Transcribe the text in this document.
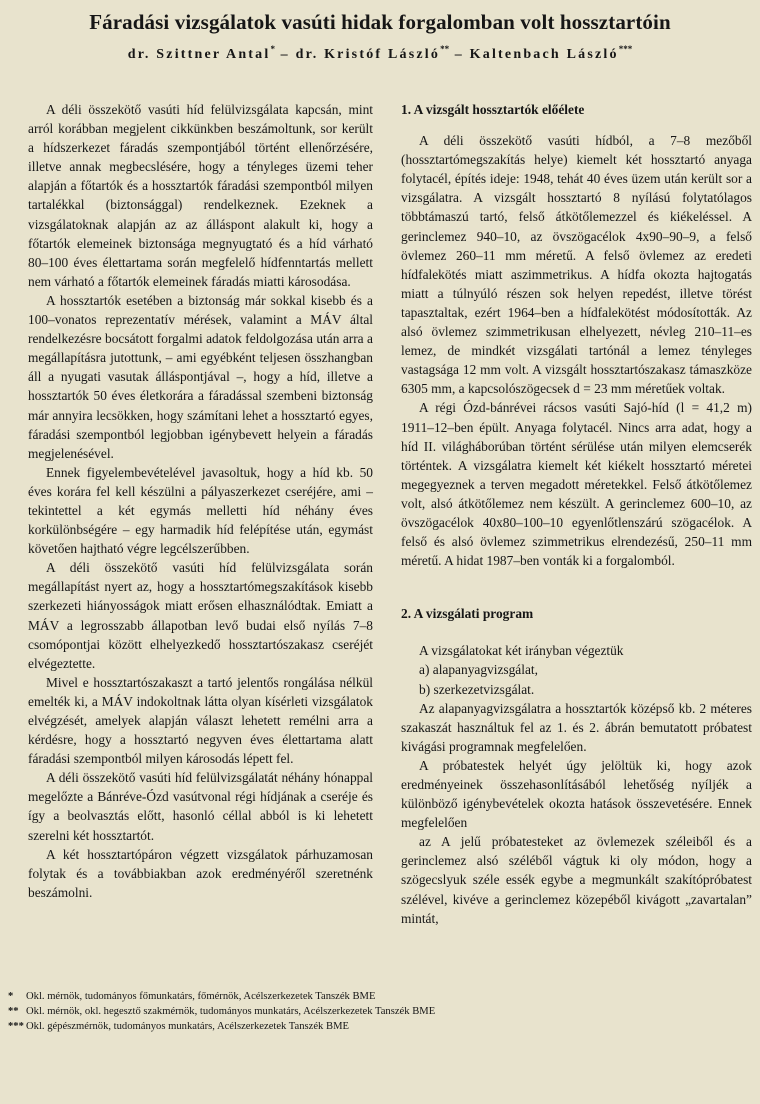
Fáradási vizsgálatok vasúti hidak forgalomban volt hossztartóin
dr. Szittner Antal* – dr. Kristóf László** – Kaltenbach László***

A déli összekötő vasúti híd felülvizsgálata kapcsán, mint arról korábban megjelent cikkünkben beszámoltunk, sor került a hídszerkezet fáradás szempontjából történt ellenőrzésére, illetve annak megbecslésére, hogy a tényleges üzemi teher alapján a főtartók és a hossztartók fáradási szempontból milyen tartalékkal (biztonsággal) rendelkeznek. Ezeknek a vizsgálatoknak alapján az az álláspont alakult ki, hogy a főtartók elemeinek biztonsága megnyugtató és a híd várható 80–100 éves élettartama során megfelelő hídfenntartás mellett nem várható a főtartók elemeinek fáradás miatti károsodása.

A hossztartók esetében a biztonság már sokkal kisebb és a 100–vonatos reprezentatív mérések, valamint a MÁV által rendelkezésre bocsátott forgalmi adatok feldolgozása után arra a megállapításra jutottunk, – ami egyébként teljesen összhangban áll a nyugati vasutak álláspontjával –, hogy a híd, illetve a hossztartók 50 éves életkorára a fáradással szembeni biztonság már annyira lecsökken, hogy számítani lehet a hossztartó egyes, fáradási szempontból legjobban igénybevett helyein a fáradás megjelenésével.

Ennek figyelembevételével javasoltuk, hogy a híd kb. 50 éves korára fel kell készülni a pályaszerkezet cseréjére, ami – tekintettel a két egymás melletti híd néhány éves korkülönbségére – egy harmadik híd felépítése után, egymást követően hajtható végre legcélszerűbben.

A déli összekötő vasúti híd felülvizsgálata során megállapítást nyert az, hogy a hossztartómegszakítások kisebb szerkezeti hiányosságok miatt erősen elhasználódtak. Emiatt a MÁV a legrosszabb állapotban levő budai első nyílás 7–8 csomópontjai között elhelyezkedő hossztartószakasz cseréjét elvégeztette.

Mivel e hossztartószakaszt a tartó jelentős rongálása nélkül emelték ki, a MÁV indokoltnak látta olyan kísérleti vizsgálatok elvégzését, amelyek alapján választ lehetett remélni arra a kérdésre, hogy a hossztartó negyven éves élettartama alatt fáradási szempontból milyen károsodás lépett fel.

A déli összekötő vasúti híd felülvizsgálatát néhány hónappal megelőzte a Bánréve-Ózd vasútvonal régi hídjának a cseréje és így a beolvasztás előtt, hasonló céllal abból is ki lehetett szerelni két hossztartót.

A két hossztartópáron végzett vizsgálatok párhuzamosan folytak és a továbbiakban azok eredményéről szeretnénk beszámolni.

1. A vizsgált hossztartók előélete

A déli összekötő vasúti hídból, a 7–8 mezőből (hossztartómegszakítás helye) kiemelt két hossztartó anyaga folytacél, építés ideje: 1948, tehát 40 éves üzem után került sor a vizsgálatra. A vizsgált hossztartó 8 nyílású folytatólagos többtámaszú tartó, felső átkötőlemezzel és kiékeléssel. A gerinclemez 940–10, az övszögacélok 4x90–90–9, a felső övlemez 260–11 mm méretű. A felső övlemez az eredeti hídfalekötés miatt aszimmetrikus. A hídfa okozta hajtogatás miatt a túlnyúló részen sok helyen repedést, illetve törést tapasztaltak, ezért 1964–ben a hídfalekötést módosították. Az alsó övlemez szimmetrikusan elhelyezett, névleg 210–11–es lemez, de mindkét vizsgálati tartónál a lemez tényleges vastagsága 12 mm volt. A vizsgált hossztartószakasz támaszköze 6305 mm, a kapcsolószögecsek d = 23 mm méretűek voltak.

A régi Ózd-bánrévei rácsos vasúti Sajó-híd (l = 41,2 m) 1911–12–ben épült. Anyaga folytacél. Nincs arra adat, hogy a híd II. világháborúban történt sérülése után milyen elemcserék történtek. A vizsgálatra kiemelt két kiékelt hossztartó méretei megegyeznek a terven megadott méretekkel. Felső átkötőlemez volt, alsó átkötőlemez nem készült. A gerinclemez 600–10, az övszögacélok 40x80–100–10 egyenlőtlenszárú szögacélok. A felső és alsó övlemez szimmetrikus elrendezésű, 250–11 mm méretű. A hidat 1987–ben vonták ki a forgalomból.

2. A vizsgálati program

A vizsgálatokat két irányban végeztük

a) alapanyagvizsgálat,

b) szerkezetvizsgálat.

Az alapanyagvizsgálatra a hossztartók középső kb. 2 méteres szakaszát használtuk fel az 1. és 2. ábrán bemutatott próbatest kivágási programnak megfelelően.

A próbatestek helyét úgy jelöltük ki, hogy azok eredményeinek összehasonlításából lehetőség nyíljék a különböző igénybevételek okozta hatások összevetésére. Ennek megfelelően

az A jelű próbatesteket az övlemezek széleiből és a gerinclemez alsó széléből vágtuk ki oly módon, hogy a szögecslyuk széle essék egybe a megmunkált szakítópróbatest szélével, kivéve a gerinclemez közepéből kivágott „zavartalan” mintát,

* Okl. mérnök, tudományos főmunkatárs, főmérnök, Acélszerkezetek Tanszék BME
** Okl. mérnök, okl. hegesztő szakmérnök, tudományos munkatárs, Acélszerkezetek Tanszék BME
*** Okl. gépészmérnök, tudományos munkatárs, Acélszerkezetek Tanszék BME
